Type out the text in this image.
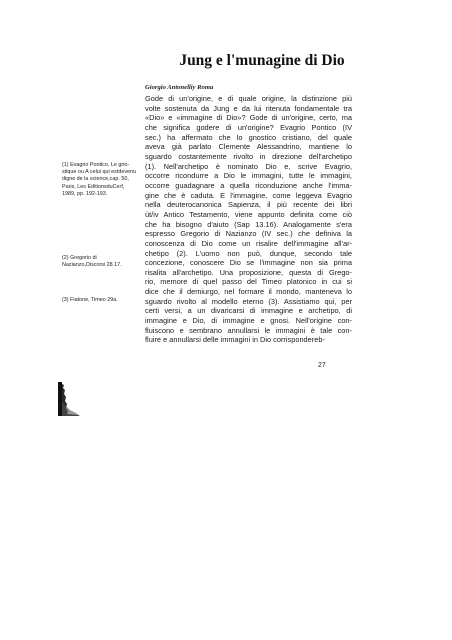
Jung e l'munagine di Dio
Giorgio Antonelliy Roma
Gode di un'origine, e di quale origine, la distinzione più
volte sostenuta da Jung e da lui ritenuta fondamentale tra
«Dio» e «immagine di Dio»? Gode di un'origine, certo, ma
che significa godere di un'origine? Evagrio Pontico (IV
sec.) ha affermato che lo gnostico cristiano, del quale
aveva già parlato Clemente Alessandrino, mantiene lo
sguardo costantemente rivolto in direzione dell'archetipo
(1). Nell'archetipo è nominato Dio e, scrive Evagrio,
occorre ricondurre a Dio le immagini, tutte le immagini,
occorre guadagnare a quella riconduzione anche l'imma-
gine che è caduta. E l'immagine, come leggeva Evagrio
nella deuterocanonica Sapienza, il più recente dei libri
ùt/iv Antico Testamento, viene appunto definita come ciò
che ha bisogno d'aiuto (Sap 13.16). Analogamente s'era
espresso Gregorio di Nazianzo (IV sec.) che definiva la
conoscenza di Dio come un risalire dell'immagine all'ar-
chetipo (2). L'uomo non può, dunque, secondo tale
concezione, conoscere Dio se l'immagine non sia prima
risalita all'archetipo. Una proposizione, questa di Grego-
rio, memore di quel passo del Timeo platonico in cui si
dice che il demiurgo, nel formare il mondo, manteneva lo
sguardo rivolto al modello eterno (3). Assistiamo qui, per
certi versi, a un divaricarsi di immagine e archetipo, di
immagine e Dio, di immagine e gnosi. Nell'origine con-
fluiscono e sembrano annullarsi le immagini è tale con-
fluire e annullarsi delle immagini in Dio corrispondereb-
(1) Evagrio Pontico, Le gno-stique ou A celui qui estdevenu digne de la science,cap. 50, Paris, Les EditionsduCerf, 1989, pp. 192-193.
(2) Gregorio di Nazianzo,Discorsi 28.17.
(3) Fiatone, Timeo 29a.
27
